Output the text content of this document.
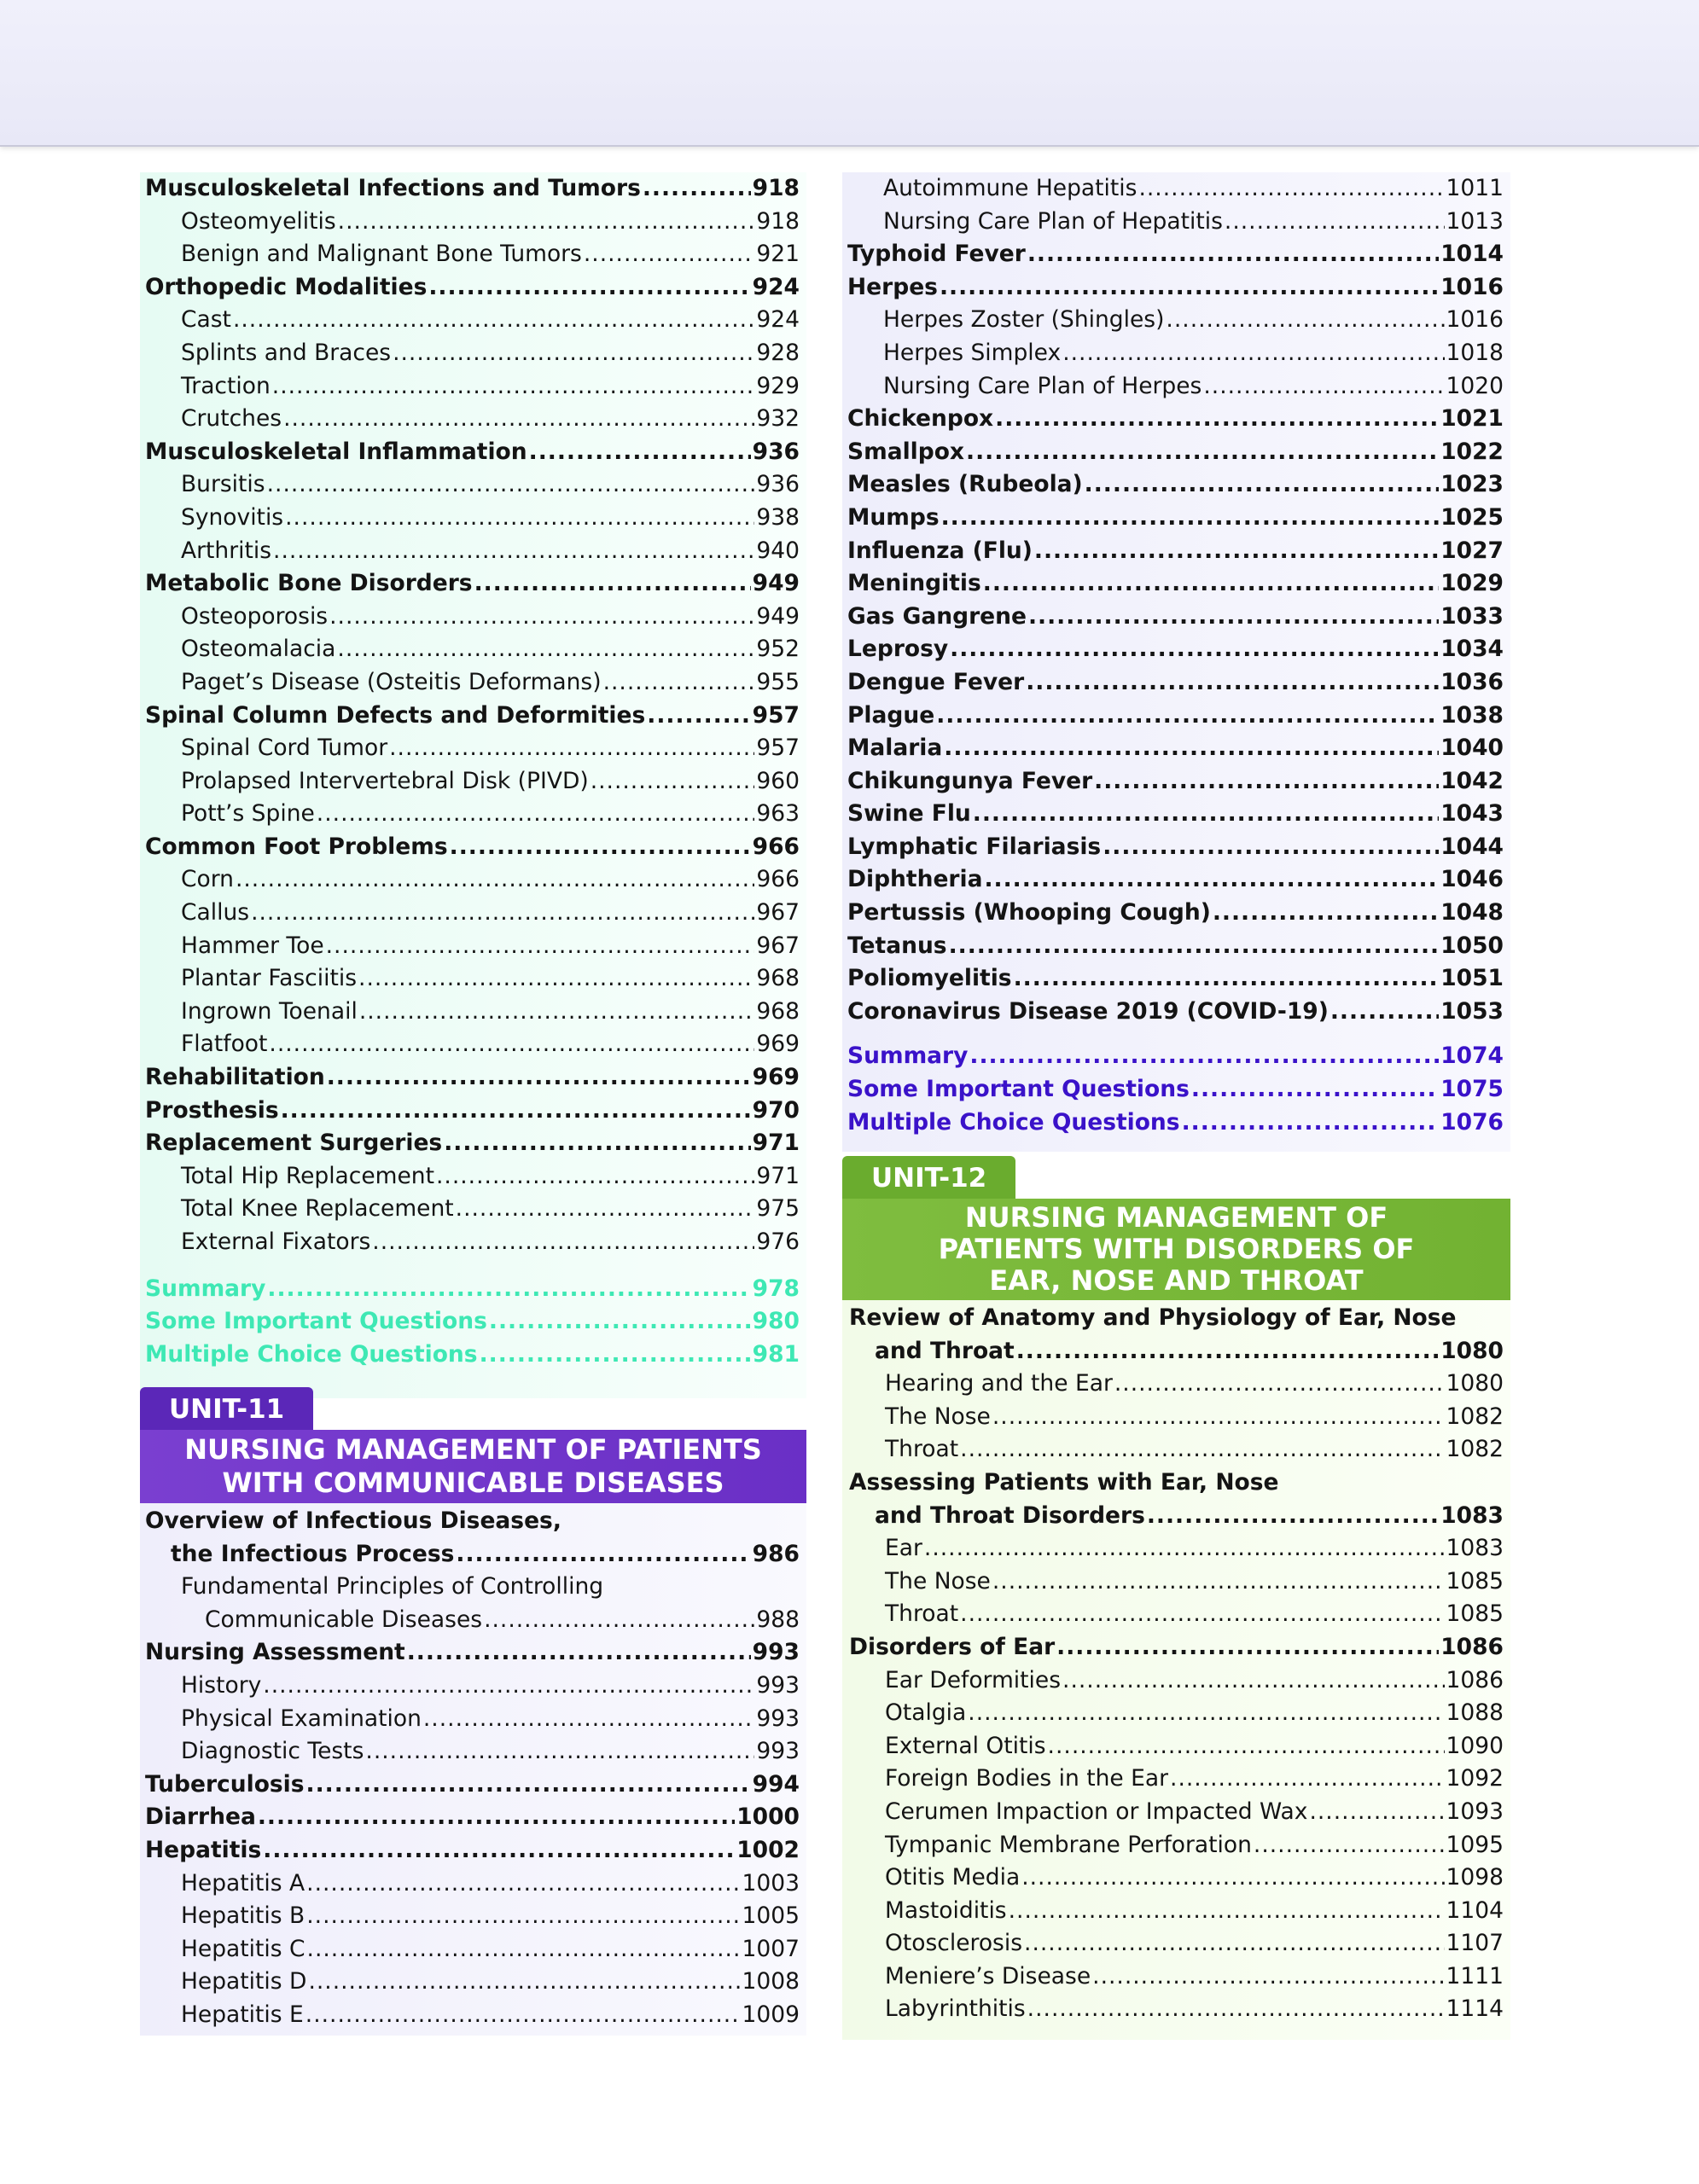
Musculoskeletal Infections and Tumors .....	918
Osteomyelitis .....	918
Benign and Malignant Bone Tumors .....	921
Orthopedic Modalities .....	924
Cast .....	924
Splints and Braces .....	928
Traction .....	929
Crutches .....	932
Musculoskeletal Inflammation .....	936
Bursitis .....	936
Synovitis .....	938
Arthritis .....	940
Metabolic Bone Disorders .....	949
Osteoporosis .....	949
Osteomalacia .....	952
Paget’s Disease (Osteitis Deformans) .....	955
Spinal Column Defects and Deformities .....	957
Spinal Cord Tumor .....	957
Prolapsed Intervertebral Disk (PIVD) .....	960
Pott’s Spine .....	963
Common Foot Problems .....	966
Corn .....	966
Callus .....	967
Hammer Toe .....	967
Plantar Fasciitis .....	968
Ingrown Toenail .....	968
Flatfoot .....	969
Rehabilitation .....	969
Prosthesis .....	970
Replacement Surgeries .....	971
Total Hip Replacement .....	971
Total Knee Replacement .....	975
External Fixators .....	976
Summary .....	978
Some Important Questions .....	980
Multiple Choice Questions .....	981
UNIT-11
NURSING MANAGEMENT OF PATIENTS
WITH COMMUNICABLE DISEASES
Overview of Infectious Diseases,
the Infectious Process .....	986
Fundamental Principles of Controlling
Communicable Diseases .....	988
Nursing Assessment .....	993
History .....	993
Physical Examination .....	993
Diagnostic Tests .....	993
Tuberculosis .....	994
Diarrhea .....	1000
Hepatitis .....	1002
Hepatitis A .....	1003
Hepatitis B .....	1005
Hepatitis C .....	1007
Hepatitis D .....	1008
Hepatitis E .....	1009
Autoimmune Hepatitis .....	1011
Nursing Care Plan of Hepatitis .....	1013
Typhoid Fever .....	1014
Herpes .....	1016
Herpes Zoster (Shingles) .....	1016
Herpes Simplex .....	1018
Nursing Care Plan of Herpes .....	1020
Chickenpox .....	1021
Smallpox .....	1022
Measles (Rubeola) .....	1023
Mumps .....	1025
Influenza (Flu) .....	1027
Meningitis .....	1029
Gas Gangrene .....	1033
Leprosy .....	1034
Dengue Fever .....	1036
Plague .....	1038
Malaria .....	1040
Chikungunya Fever .....	1042
Swine Flu .....	1043
Lymphatic Filariasis .....	1044
Diphtheria .....	1046
Pertussis (Whooping Cough) .....	1048
Tetanus .....	1050
Poliomyelitis .....	1051
Coronavirus Disease 2019 (COVID-19) .....	1053
Summary .....	1074
Some Important Questions .....	1075
Multiple Choice Questions .....	1076
UNIT-12
NURSING MANAGEMENT OF
PATIENTS WITH DISORDERS OF
EAR, NOSE AND THROAT
Review of Anatomy and Physiology of Ear, Nose
and Throat .....	1080
Hearing and the Ear .....	1080
The Nose .....	1082
Throat .....	1082
Assessing Patients with Ear, Nose
and Throat Disorders .....	1083
Ear .....	1083
The Nose .....	1085
Throat .....	1085
Disorders of Ear .....	1086
Ear Deformities .....	1086
Otalgia .....	1088
External Otitis .....	1090
Foreign Bodies in the Ear .....	1092
Cerumen Impaction or Impacted Wax .....	1093
Tympanic Membrane Perforation .....	1095
Otitis Media .....	1098
Mastoiditis .....	1104
Otosclerosis .....	1107
Meniere’s Disease .....	1111
Labyrinthitis .....	1114
